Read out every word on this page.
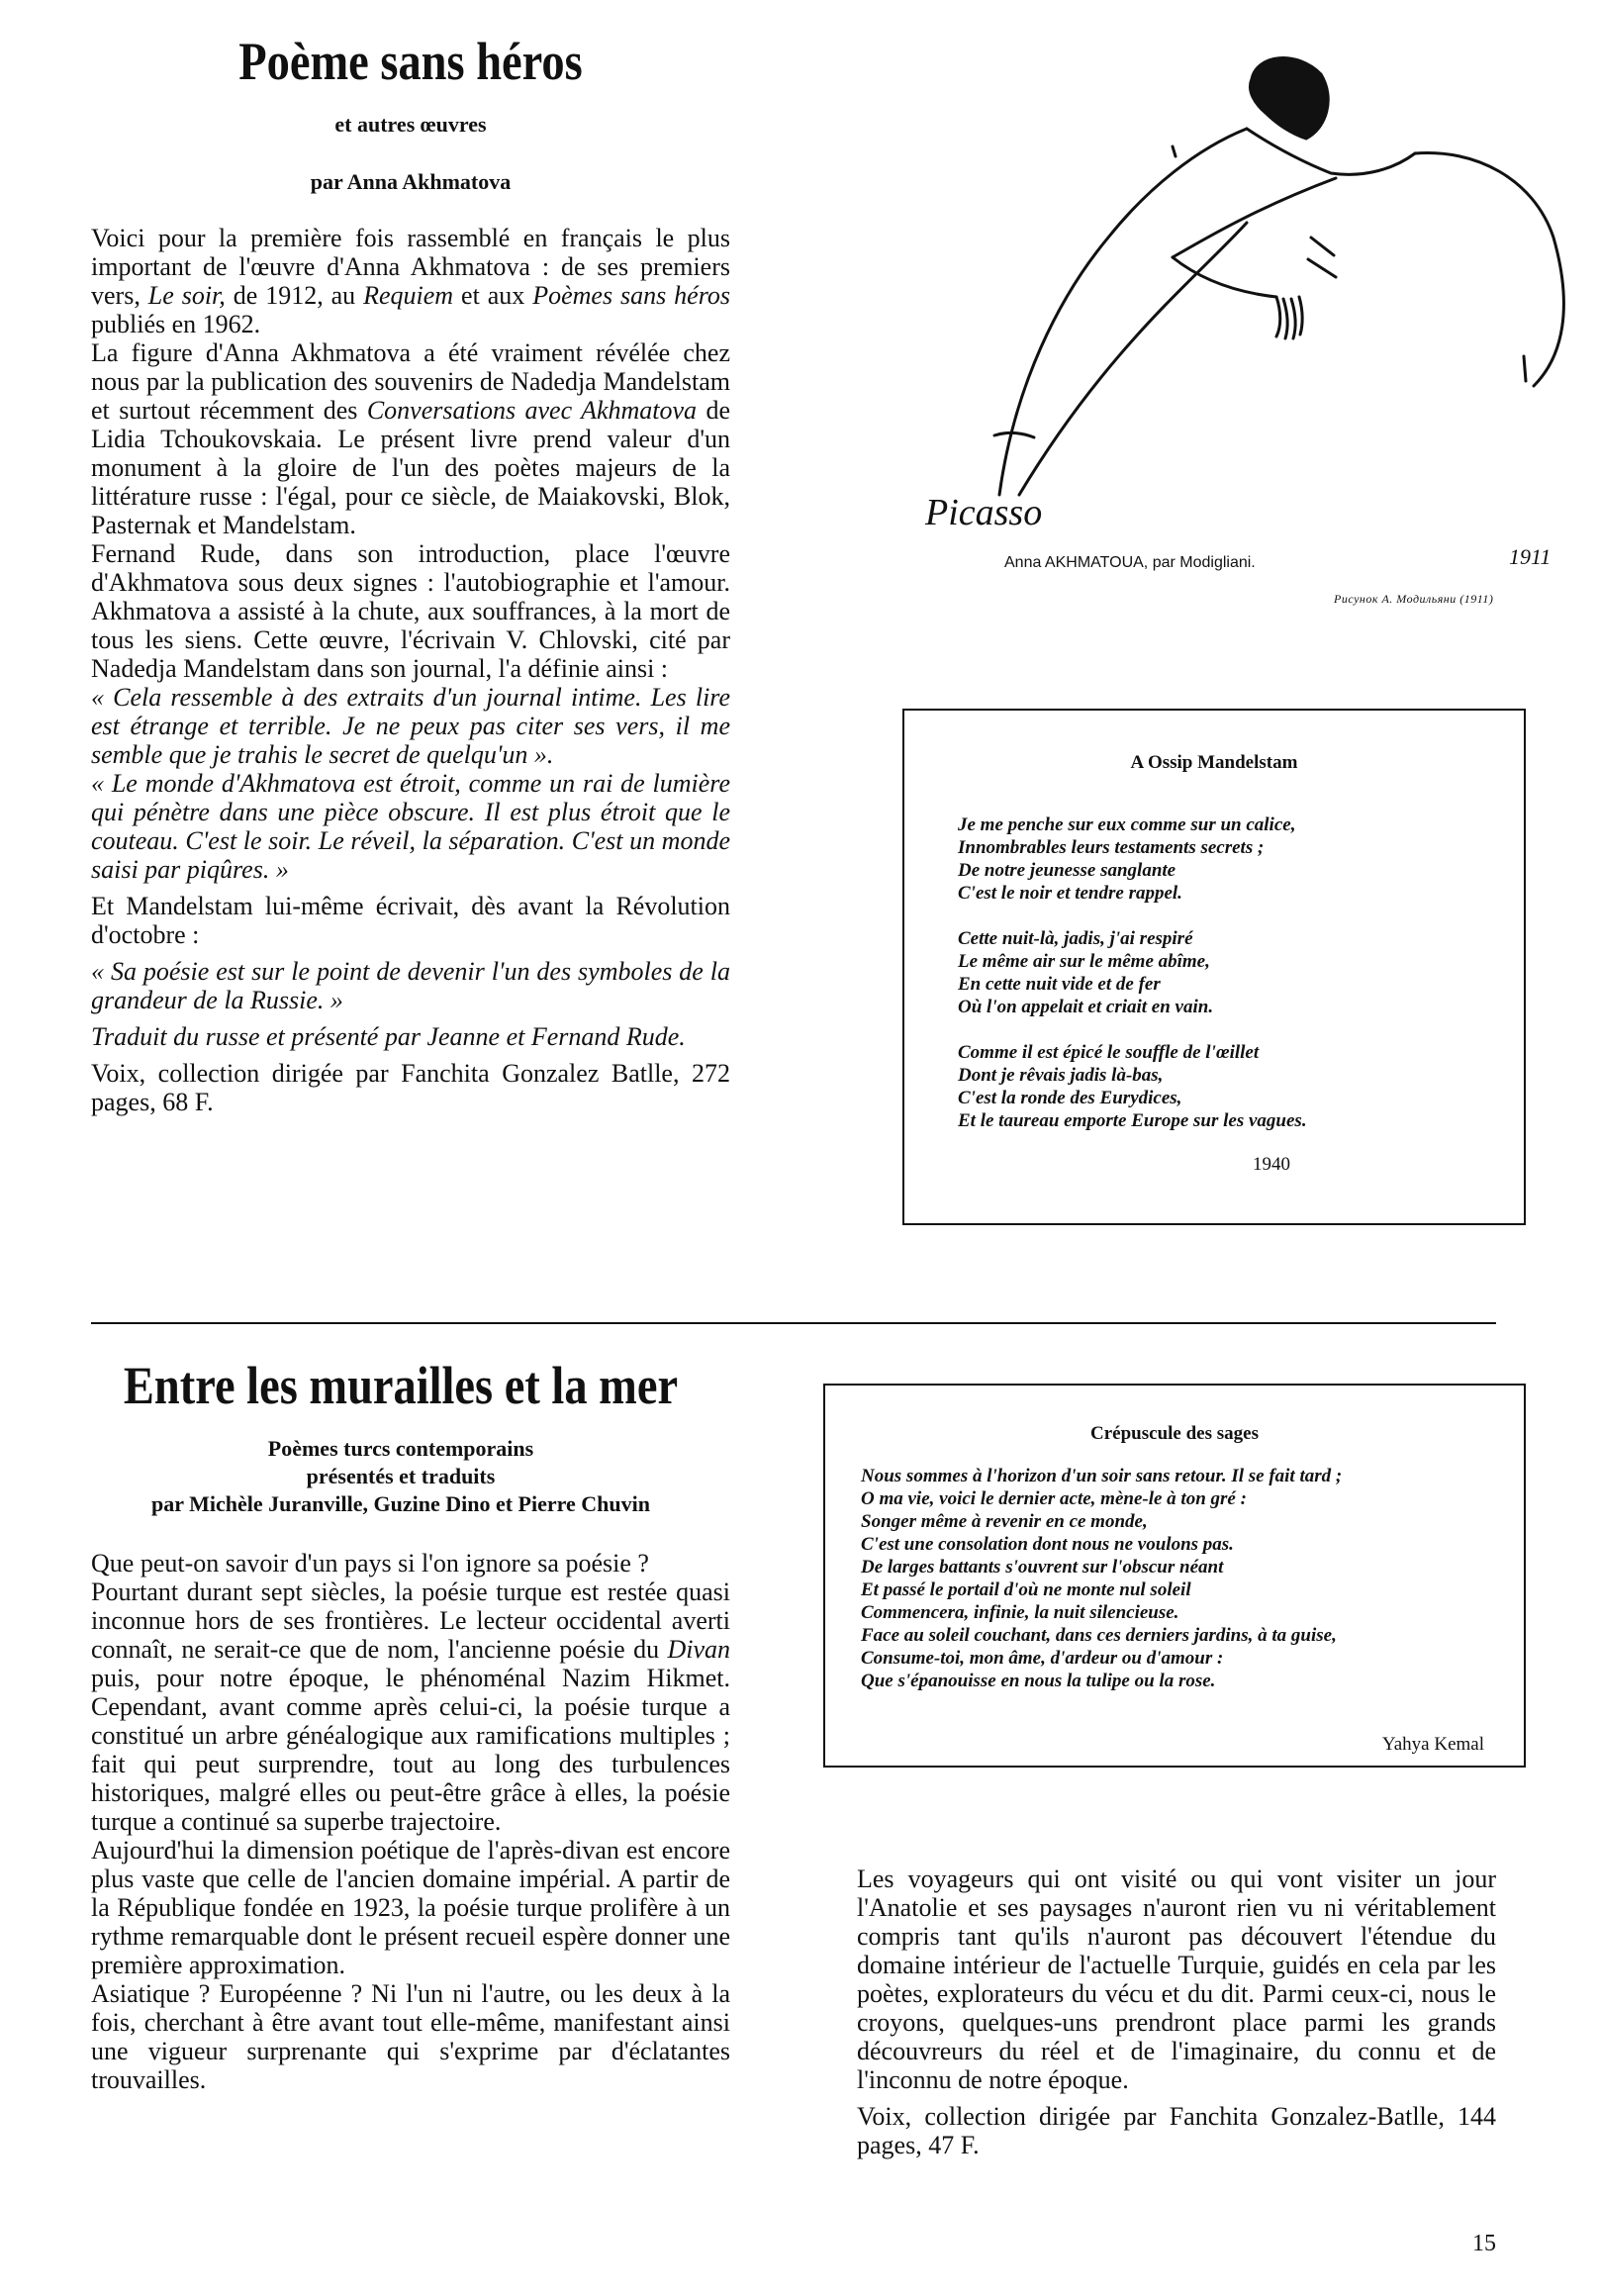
Poème sans héros
et autres œuvres
par Anna Akhmatova

Voici pour la première fois rassemblé en français le plus important de l'œuvre d'Anna Akhmatova : de ses premiers vers, Le soir, de 1912, au Requiem et aux Poèmes sans héros publiés en 1962.

La figure d'Anna Akhmatova a été vraiment révélée chez nous par la publication des souvenirs de Nadedja Mandelstam et surtout récemment des Conversations avec Akhmatova de Lidia Tchoukovskaia. Le présent livre prend valeur d'un monument à la gloire de l'un des poètes majeurs de la littérature russe : l'égal, pour ce siècle, de Maiakovski, Blok, Pasternak et Mandelstam.

Fernand Rude, dans son introduction, place l'œuvre d'Akhmatova sous deux signes : l'autobiographie et l'amour. Akhmatova a assisté à la chute, aux souffrances, à la mort de tous les siens. Cette œuvre, l'écrivain V. Chlovski, cité par Nadedja Mandelstam dans son journal, l'a définie ainsi :

« Cela ressemble à des extraits d'un journal intime. Les lire est étrange et terrible. Je ne peux pas citer ses vers, il me semble que je trahis le secret de quelqu'un ».

« Le monde d'Akhmatova est étroit, comme un rai de lumière qui pénètre dans une pièce obscure. Il est plus étroit que le couteau. C'est le soir. Le réveil, la séparation. C'est un monde saisi par piqûres. »

Et Mandelstam lui-même écrivait, dès avant la Révolution d'octobre :

« Sa poésie est sur le point de devenir l'un des symboles de la grandeur de la Russie. »

Traduit du russe et présenté par Jeanne et Fernand Rude.

Voix, collection dirigée par Fanchita Gonzalez Batlle, 272 pages, 68 F.

Picasso
1911
Anna AKHMATOUA, par Modigliani.
Рисунок А. Модильяни (1911)
A Ossip Mandelstam

Je me penche sur eux comme sur un calice,

Innombrables leurs testaments secrets ;

De notre jeunesse sanglante

C'est le noir et tendre rappel.

Cette nuit-là, jadis, j'ai respiré

Le même air sur le même abîme,

En cette nuit vide et de fer

Où l'on appelait et criait en vain.

Comme il est épicé le souffle de l'œillet

Dont je rêvais jadis là-bas,

C'est la ronde des Eurydices,

Et le taureau emporte Europe sur les vagues.

1940
Entre les murailles et la mer
Poèmes turcs contemporains
présentés et traduits
par Michèle Juranville, Guzine Dino et Pierre Chuvin

Que peut-on savoir d'un pays si l'on ignore sa poésie ?

Pourtant durant sept siècles, la poésie turque est restée quasi inconnue hors de ses frontières. Le lecteur occidental averti connaît, ne serait-ce que de nom, l'ancienne poésie du Divan puis, pour notre époque, le phénoménal Nazim Hikmet. Cependant, avant comme après celui-ci, la poésie turque a constitué un arbre généalogique aux ramifications multiples ; fait qui peut surprendre, tout au long des turbulences historiques, malgré elles ou peut-être grâce à elles, la poésie turque a continué sa superbe trajectoire.

Aujourd'hui la dimension poétique de l'après-divan est encore plus vaste que celle de l'ancien domaine impérial. A partir de la République fondée en 1923, la poésie turque prolifère à un rythme remarquable dont le présent recueil espère donner une première approximation.

Asiatique ? Européenne ? Ni l'un ni l'autre, ou les deux à la fois, cherchant à être avant tout elle-même, manifestant ainsi une vigueur surprenante qui s'exprime par d'éclatantes trouvailles.

Crépuscule des sages

Nous sommes à l'horizon d'un soir sans retour. Il se fait tard ;

O ma vie, voici le dernier acte, mène-le à ton gré :

Songer même à revenir en ce monde,

C'est une consolation dont nous ne voulons pas.

De larges battants s'ouvrent sur l'obscur néant

Et passé le portail d'où ne monte nul soleil

Commencera, infinie, la nuit silencieuse.

Face au soleil couchant, dans ces derniers jardins, à ta guise,

Consume-toi, mon âme, d'ardeur ou d'amour :

Que s'épanouisse en nous la tulipe ou la rose.

Yahya Kemal

Les voyageurs qui ont visité ou qui vont visiter un jour l'Anatolie et ses paysages n'auront rien vu ni véritablement compris tant qu'ils n'auront pas découvert l'étendue du domaine intérieur de l'actuelle Turquie, guidés en cela par les poètes, explorateurs du vécu et du dit. Parmi ceux-ci, nous le croyons, quelques-uns prendront place parmi les grands découvreurs du réel et de l'imaginaire, du connu et de l'inconnu de notre époque.

Voix, collection dirigée par Fanchita Gonzalez-Batlle, 144 pages, 47 F.

15
